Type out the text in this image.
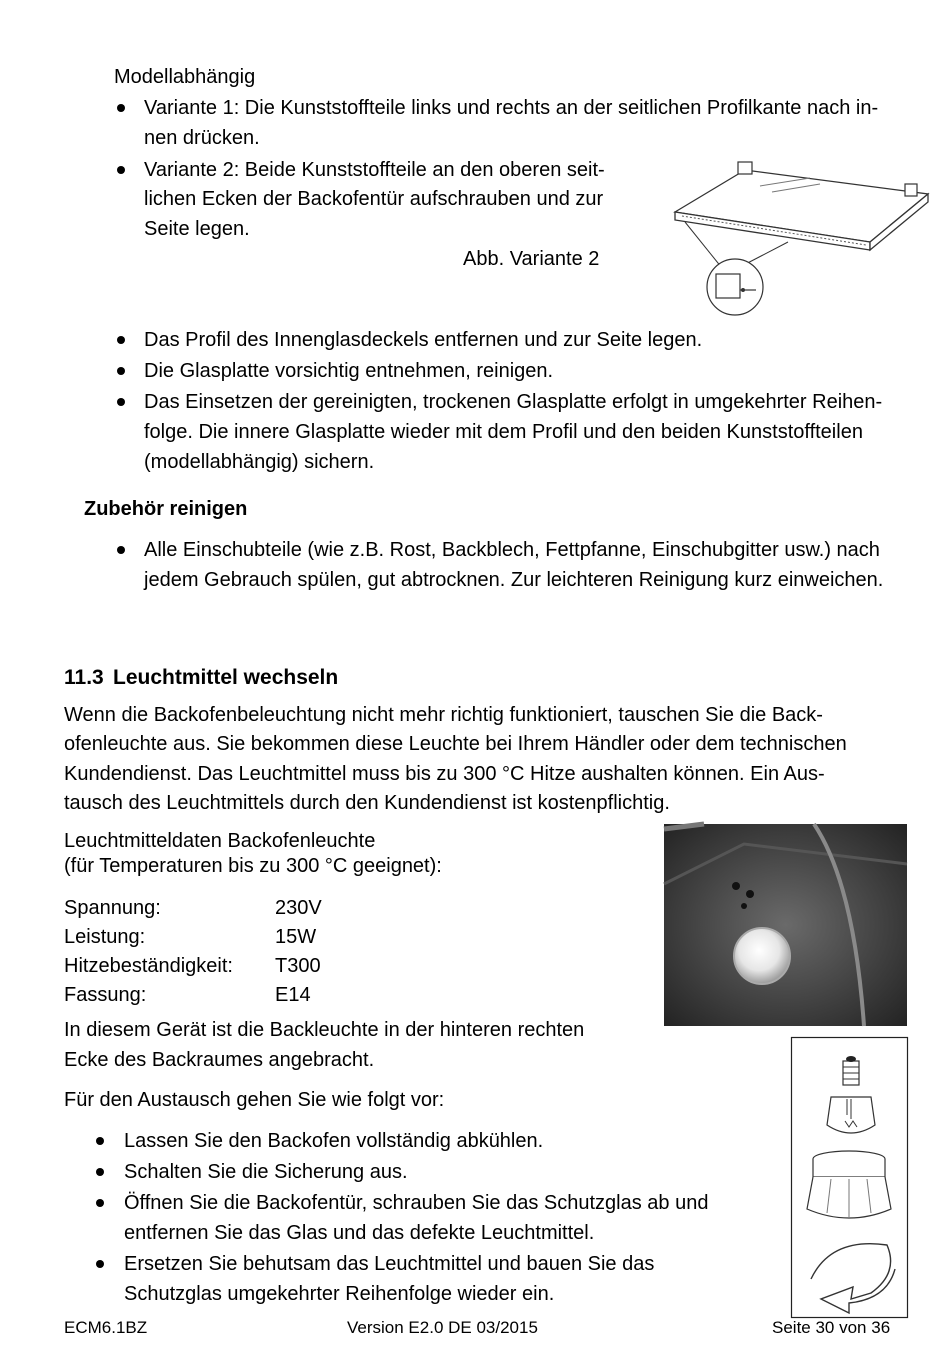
Modellabhängig
Variante 1: Die Kunststoffteile links und rechts an der seitlichen Profilkante nach in-
nen drücken.
Variante 2: Beide Kunststoffteile an den oberen seit-
lichen Ecken der Backofentür aufschrauben und zur
Seite legen.
Abb. Variante 2
Das Profil des Innenglasdeckels entfernen und zur Seite legen.
Die Glasplatte vorsichtig entnehmen, reinigen.
Das Einsetzen der gereinigten, trockenen Glasplatte erfolgt in umgekehrter Reihen-
folge. Die innere Glasplatte wieder mit dem Profil und den beiden Kunststoffteilen
(modellabhängig) sichern.
Zubehör reinigen
Alle Einschubteile (wie z.B. Rost, Backblech, Fettpfanne, Einschubgitter usw.) nach
jedem Gebrauch spülen, gut abtrocknen. Zur leichteren Reinigung kurz einweichen.
11.3 Leuchtmittel wechseln
Wenn die Backofenbeleuchtung nicht mehr richtig funktioniert, tauschen Sie die Back-
ofenleuchte aus. Sie bekommen diese Leuchte bei Ihrem Händler oder dem technischen
Kundendienst. Das Leuchtmittel muss bis zu 300 °C Hitze aushalten können. Ein Aus-
tausch des Leuchtmittels durch den Kundendienst ist kostenpflichtig.
Leuchtmitteldaten Backofenleuchte
(für Temperaturen bis zu 300 °C geeignet):
Spannung:	230V
Leistung:	15W
Hitzebeständigkeit: T300
Fassung:	E14
In diesem Gerät ist die Backleuchte in der hinteren rechten
Ecke des Backraumes angebracht.
Für den Austausch gehen Sie wie folgt vor:
Lassen Sie den Backofen vollständig abkühlen.
Schalten Sie die Sicherung aus.
Öffnen Sie die Backofentür, schrauben Sie das Schutzglas ab und
entfernen Sie das Glas und das defekte Leuchtmittel.
Ersetzen Sie behutsam das Leuchtmittel und bauen Sie das
Schutzglas umgekehrter Reihenfolge wieder ein.
ECM6.1BZ	Version E2.0 DE 03/2015	Seite 30 von 36
